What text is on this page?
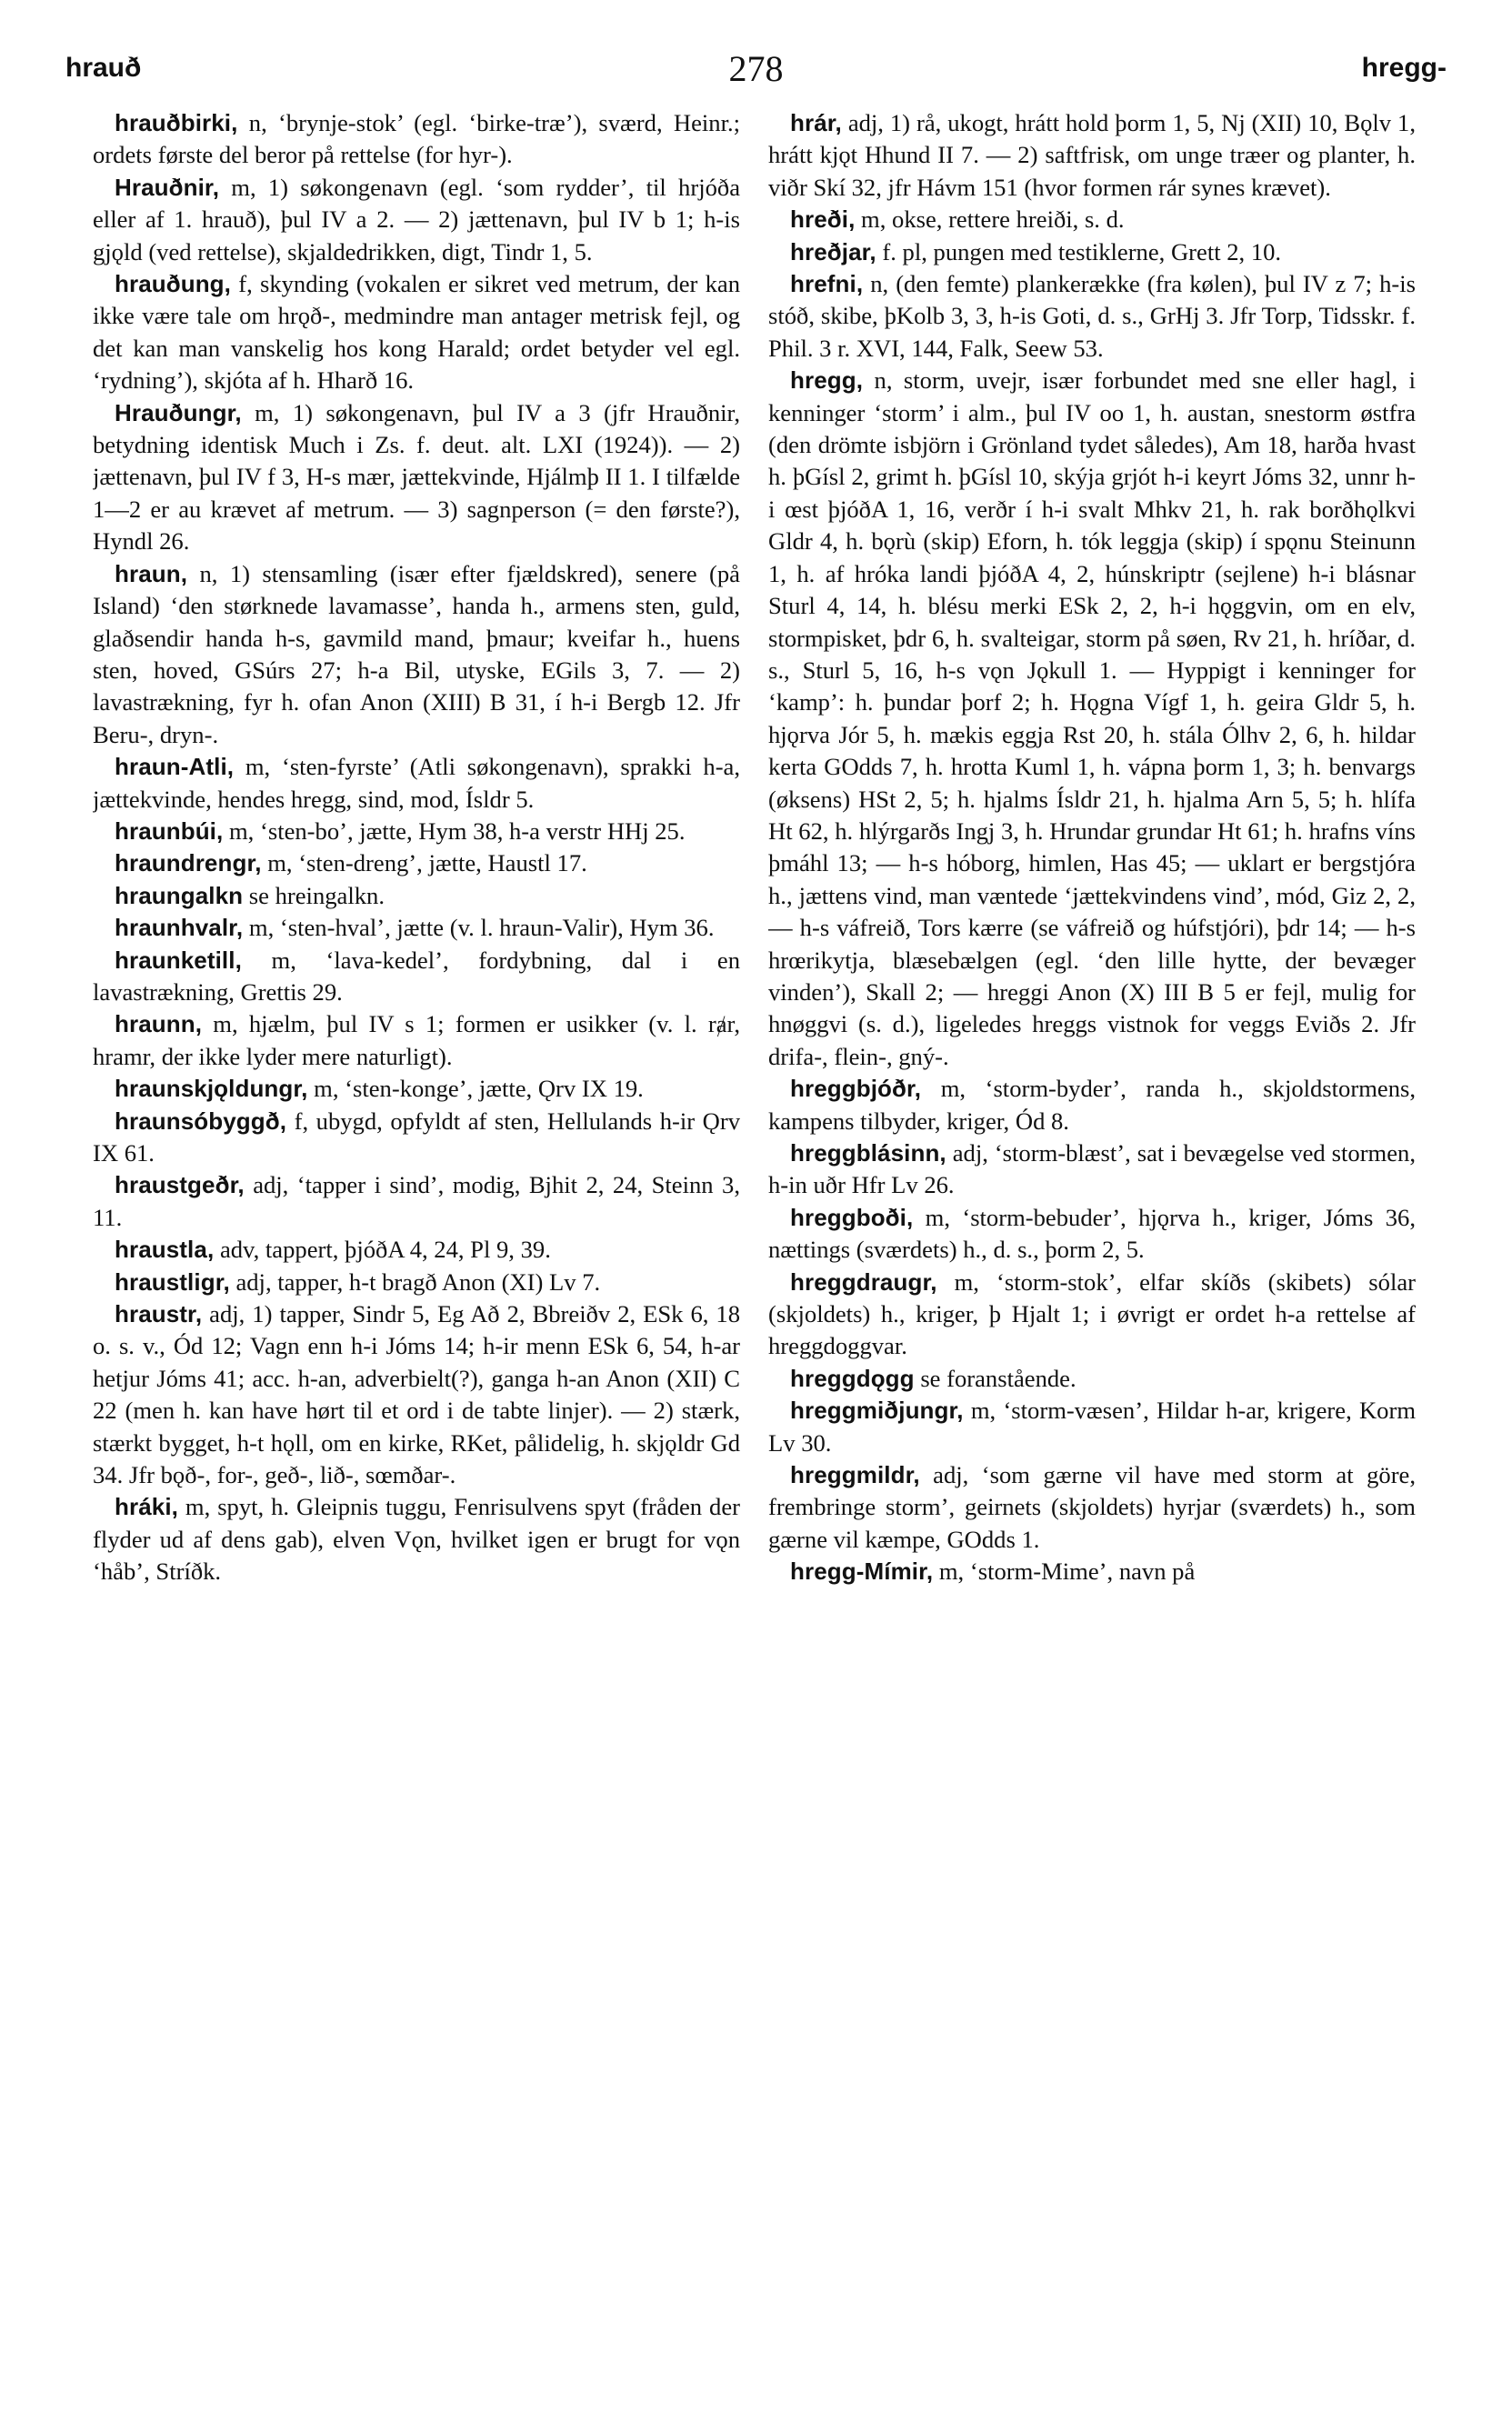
hrauð	278	hregg-

hrauðbirki, n, ‘brynje-stok’ (egl. ‘birke-træ’), sværd, Heinr.; ordets første del beror på rettelse (for hyr-).

Hrauðnir, m, 1) søkongenavn (egl. ‘som rydder’, til hrjóða eller af 1. hrauð), þul IV a 2. — 2) jættenavn, þul IV b 1; h-is gjǫld (ved rettelse), skjaldedrikken, digt, Tindr 1, 5.

hrauðung, f, skynding (vokalen er sikret ved metrum, der kan ikke være tale om hrǫð-, medmindre man antager metrisk fejl, og det kan man vanskelig hos kong Harald; ordet betyder vel egl. ‘rydning’), skjóta af h. Hharð 16.

Hrauðungr, m, 1) søkongenavn, þul IV a 3 (jfr Hrauðnir, betydning identisk Much i Zs. f. deut. alt. LXI (1924)). — 2) jættenavn, þul IV f 3, H-s mær, jættekvinde, Hjálmþ II 1. I tilfælde 1—2 er au krævet af metrum. — 3) sagnperson (= den første?), Hyndl 26.

hraun, n, 1) stensamling (især efter fjældskred), senere (på Island) ‘den størknede lavamasse’, handa h., armens sten, guld, glaðsendir handa h-s, gavmild mand, þmaur; kveifar h., huens sten, hoved, GSúrs 27; h-a Bil, utyske, EGils 3, 7. — 2) lavastrækning, fyr h. ofan Anon (XIII) B 31, í h-i Bergb 12. Jfr Beru-, dryn-.

hraun-Atli, m, ‘sten-fyrste’ (Atli søkongenavn), sprakki h-a, jættekvinde, hendes hregg, sind, mod, Ísldr 5.

hraunbúi, m, ‘sten-bo’, jætte, Hym 38, h-a verstr HHj 25.

hraundrengr, m, ‘sten-dreng’, jætte, Haustl 17.

hraungalkn se hreingalkn.

hraunhvalr, m, ‘sten-hval’, jætte (v. l. hraun-Valir), Hym 36.

hraunketill, m, ‘lava-kedel’, fordybning, dal i en lavastrækning, Grettis 29.

hraunn, m, hjælm, þul IV s 1; formen er usikker (v. l. rⱥr, hramr, der ikke lyder mere naturligt).

hraunskjǫldungr, m, ‘sten-konge’, jætte, Ǫrv IX 19.

hraunsóbyggð, f, ubygd, opfyldt af sten, Hellulands h-ir Ǫrv IX 61.

hraustgeðr, adj, ‘tapper i sind’, modig, Bjhit 2, 24, Steinn 3, 11.

hraustla, adv, tappert, þjóðA 4, 24, Pl 9, 39.

hraustligr, adj, tapper, h-t bragð Anon (XI) Lv 7.

hraustr, adj, 1) tapper, Sindr 5, Eg Að 2, Bbreiðv 2, ESk 6, 18 o. s. v., Ód 12; Vagn enn h-i Jóms 14; h-ir menn ESk 6, 54, h-ar hetjur Jóms 41; acc. h-an, adverbielt(?), ganga h-an Anon (XII) C 22 (men h. kan have hørt til et ord i de tabte linjer). — 2) stærk, stærkt bygget, h-t hǫll, om en kirke, RKet, pålidelig, h. skjǫldr Gd 34. Jfr bǫð-, for-, geð-, lið-, sœmðar-.

hráki, m, spyt, h. Gleipnis tuggu, Fenrisulvens spyt (fråden der flyder ud af dens gab), elven Vǫn, hvilket igen er brugt for vǫn ‘håb’, Stríðk.

hrár, adj, 1) rå, ukogt, hrátt hold þorm 1, 5, Nj (XII) 10, Bǫlv 1, hrátt kjǫt Hhund II 7. — 2) saftfrisk, om unge træer og planter, h. viðr Skí 32, jfr Hávm 151 (hvor formen rár synes krævet).

hreði, m, okse, rettere hreiði, s. d.

hreðjar, f. pl, pungen med testiklerne, Grett 2, 10.

hrefni, n, (den femte) plankerække (fra kølen), þul IV z 7; h-is stóð, skibe, þKolb 3, 3, h-is Goti, d. s., GrHj 3. Jfr Torp, Tidsskr. f. Phil. 3 r. XVI, 144, Falk, Seew 53.

hregg, n, storm, uvejr, især forbundet med sne eller hagl, i kenninger ‘storm’ i alm., þul IV oo 1, h. austan, snestorm østfra (den drömte isbjörn i Grönland tydet således), Am 18, harða hvast h. þGísl 2, grimt h. þGísl 10, skýja grjót h-i keyrt Jóms 32, unnr h-i œst þjóðA 1, 16, verðr í h-i svalt Mhkv 21, h. rak borðhǫlkvi Gldr 4, h. bǫrù (skip) Eforn, h. tók leggja (skip) í spǫnu Steinunn 1, h. af hróka landi þjóðA 4, 2, húnskriptr (sejlene) h-i blásnar Sturl 4, 14, h. blésu merki ESk 2, 2, h-i hǫggvin, om en elv, stormpisket, þdr 6, h. svalteigar, storm på søen, Rv 21, h. hríðar, d. s., Sturl 5, 16, h-s vǫn Jǫkull 1. — Hyppigt i kenninger for ‘kamp’: h. þundar þorf 2; h. Hǫgna Vígf 1, h. geira Gldr 5, h. hjǫrva Jór 5, h. mækis eggja Rst 20, h. stála Ólhv 2, 6, h. hildar kerta GOdds 7, h. hrotta Kuml 1, h. vápna þorm 1, 3; h. benvargs (øksens) HSt 2, 5; h. hjalms Ísldr 21, h. hjalma Arn 5, 5; h. hlífa Ht 62, h. hlýrgarðs Ingj 3, h. Hrundar grundar Ht 61; h. hrafns víns þmáhl 13; — h-s hóborg, himlen, Has 45; — uklart er bergstjóra h., jættens vind, man væntede ‘jættekvindens vind’, mód, Giz 2, 2, — h-s váfreið, Tors kærre (se váfreið og húfstjóri), þdr 14; — h-s hrœrikytja, blæsebælgen (egl. ‘den lille hytte, der bevæger vinden’), Skall 2; — hreggi Anon (X) III B 5 er fejl, mulig for hnøggvi (s. d.), ligeledes hreggs vistnok for veggs Eviðs 2. Jfr drifa-, flein-, gný-.

hreggbjóðr, m, ‘storm-byder’, randa h., skjoldstormens, kampens tilbyder, kriger, Ód 8.

hreggblásinn, adj, ‘storm-blæst’, sat i bevægelse ved stormen, h-in uðr Hfr Lv 26.

hreggboði, m, ‘storm-bebuder’, hjǫrva h., kriger, Jóms 36, nættings (sværdets) h., d. s., þorm 2, 5.

hreggdraugr, m, ‘storm-stok’, elfar skíðs (skibets) sólar (skjoldets) h., kriger, þ Hjalt 1; i øvrigt er ordet h-a rettelse af hreggdoggvar.

hreggdǫgg se foranstående.

hreggmiðjungr, m, ‘storm-væsen’, Hildar h-ar, krigere, Korm Lv 30.

hreggmildr, adj, ‘som gærne vil have med storm at göre, frembringe storm’, geirnets (skjoldets) hyrjar (sværdets) h., som gærne vil kæmpe, GOdds 1.

hregg-Mímir, m, ‘storm-Mime’, navn på
